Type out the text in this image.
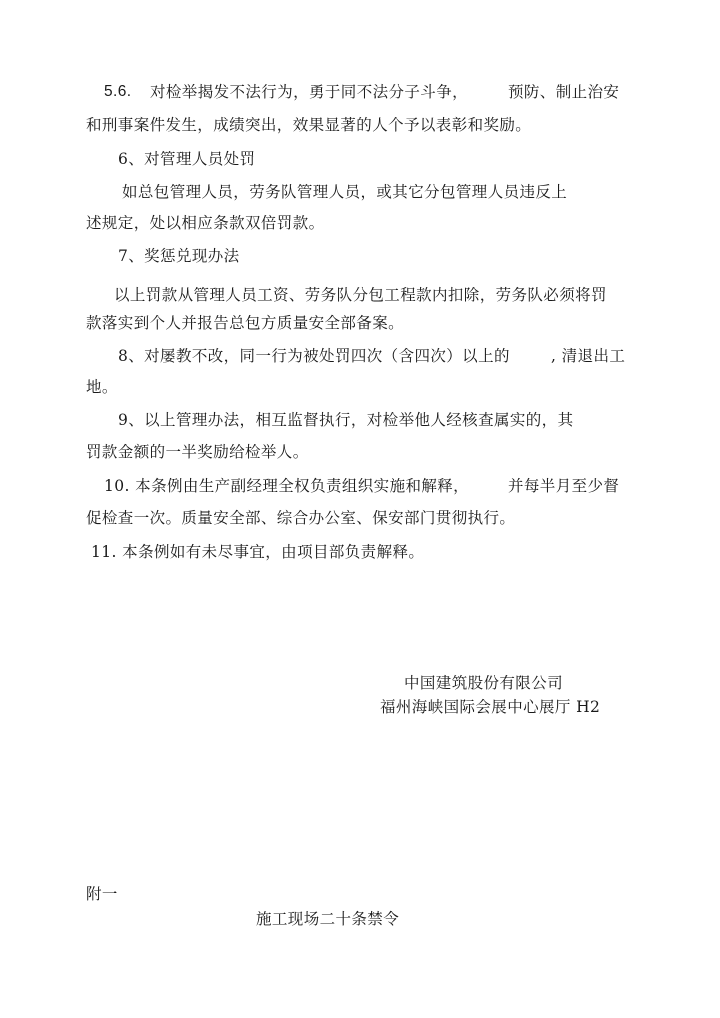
5.6. 对检举揭发不法行为，勇于同不法分子斗争，	预防、制止治安
和刑事案件发生，成绩突出，效果显著的人个予以表彰和奖励。
6、对管理人员处罚
如总包管理人员，劳务队管理人员，或其它分包管理人员违反上
述规定，处以相应条款双倍罚款。
7、奖惩兑现办法
以上罚款从管理人员工资、劳务队分包工程款内扣除，劳务队必须将罚
款落实到个人并报告总包方质量安全部备案。
8、对屡教不改，同一行为被处罚四次（含四次）以上的	, 清退出工
地。
9、以上管理办法，相互监督执行，对检举他人经核查属实的，其
罚款金额的一半奖励给检举人。
10. 本条例由生产副经理全权负责组织实施和解释，	并每半月至少督
促检查一次。质量安全部、综合办公室、保安部门贯彻执行。
11. 本条例如有未尽事宜，由项目部负责解释。
中国建筑股份有限公司
福州海峡国际会展中心展厅 H2
附一
施工现场二十条禁令
